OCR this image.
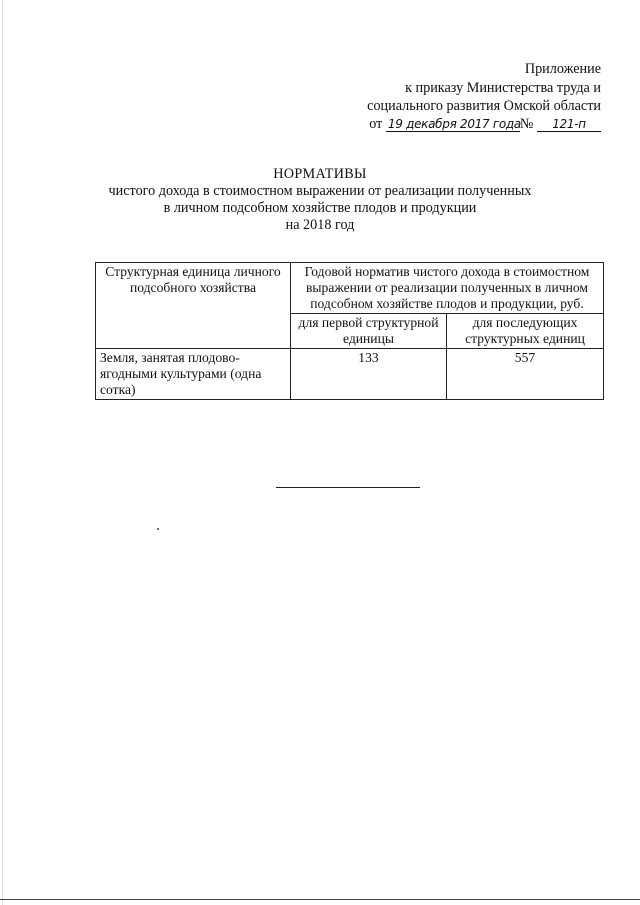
Приложение
к приказу Министерства труда и
социального развития Омской области
от 19 декабря 2017 года№ 121-п
НОРМАТИВЫ
чистого дохода в стоимостном выражении от реализации полученных
в личном подсобном хозяйстве плодов и продукции
на 2018 год
Структурная единица личного подсобного хозяйства	Годовой норматив чистого дохода в стоимостном выражении от реализации полученных в личном подсобном хозяйстве плодов и продукции, руб.	
	для первой структурной единицы	для последующих структурных единиц
Земля, занятая плодово-ягодными культурами (одна сотка)	133	557
